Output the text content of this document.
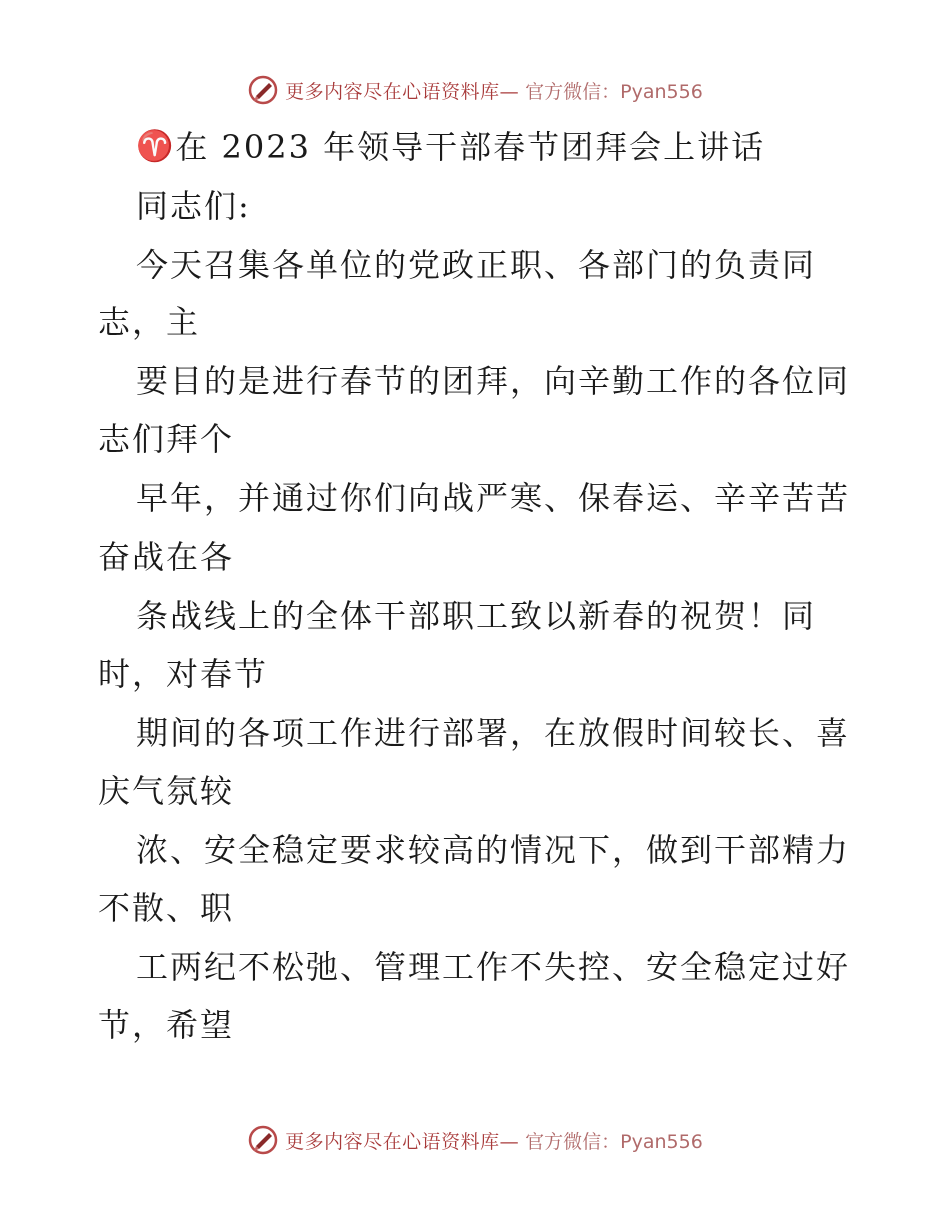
更多内容尽在心语资料库— 官方微信：Pyan556
♈ 在 2023 年领导干部春节团拜会上讲话
同志们:
今天召集各单位的党政正职、各部门的负责同
志，主
要目的是进行春节的团拜，向辛勤工作的各位同
志们拜个
早年，并通过你们向战严寒、保春运、辛辛苦苦
奋战在各
条战线上的全体干部职工致以新春的祝贺！同
时，对春节
期间的各项工作进行部署，在放假时间较长、喜
庆气氛较
浓、安全稳定要求较高的情况下，做到干部精力
不散、职
工两纪不松弛、管理工作不失控、安全稳定过好
节，希望
更多内容尽在心语资料库— 官方微信：Pyan556
